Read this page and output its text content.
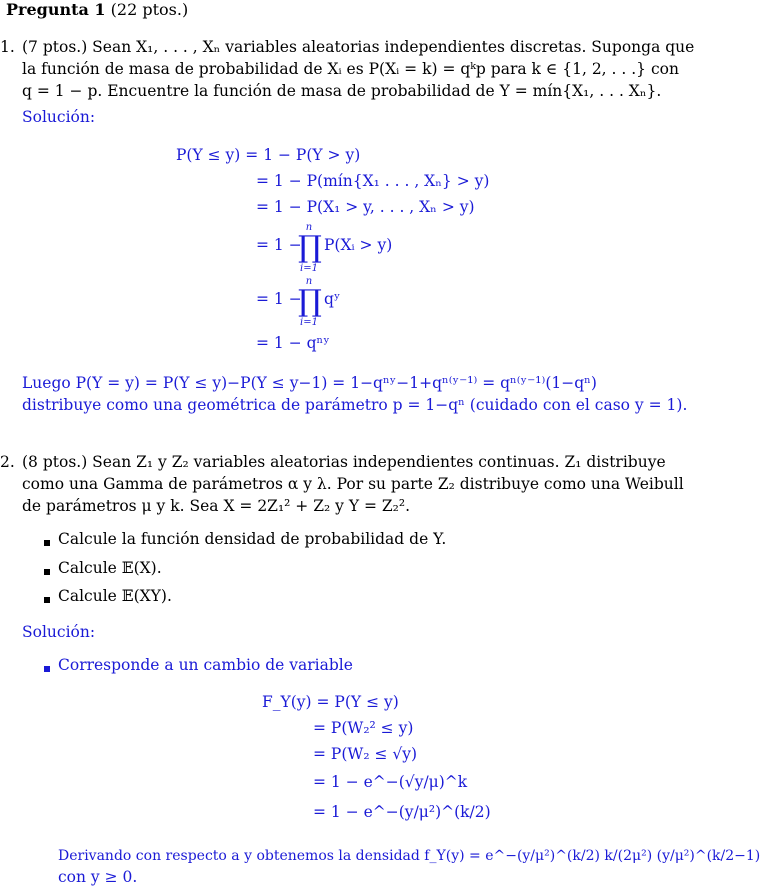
Pregunta 1 (22 ptos.)
1. (7 ptos.) Sean X₁, . . . , Xₙ variables aleatorias independientes discretas. Suponga que
la función de masa de probabilidad de Xᵢ es P(Xᵢ = k) = qᵏp para k ∈ {1, 2, . . .} con
q = 1 − p. Encuentre la función de masa de probabilidad de Y = mín{X₁, . . . Xₙ}.
Solución:
P(Y ≤ y) = 1 − P(Y > y)
= 1 − P(mín{X₁ . . . , Xₙ} > y)
= 1 − P(X₁ > y, . . . , Xₙ > y)
= 1 −
n
∏
i=1
P(Xᵢ > y)
= 1 −
n
∏
i=1
qʸ
= 1 − qⁿʸ
Luego P(Y = y) = P(Y ≤ y)−P(Y ≤ y−1) = 1−qⁿʸ−1+qⁿ⁽ʸ⁻¹⁾ = qⁿ⁽ʸ⁻¹⁾(1−qⁿ)
distribuye como una geométrica de parámetro p = 1−qⁿ (cuidado con el caso y = 1).
2. (8 ptos.) Sean Z₁ y Z₂ variables aleatorias independientes continuas. Z₁ distribuye
como una Gamma de parámetros α y λ. Por su parte Z₂ distribuye como una Weibull
de parámetros μ y k. Sea X = 2Z₁² + Z₂ y Y = Z₂².
Calcule la función densidad de probabilidad de Y.
Calcule 𝔼(X).
Calcule 𝔼(XY).
Solución:
Corresponde a un cambio de variable
F_Y(y) = P(Y ≤ y)
= P(W₂² ≤ y)
= P(W₂ ≤ √y)
= 1 − e^−(√y/μ)^k
= 1 − e^−(y/μ²)^(k/2)
Derivando con respecto a y obtenemos la densidad f_Y(y) = e^−(y/μ²)^(k/2) k/(2μ²) (y/μ²)^(k/2−1)
con y ≥ 0.
